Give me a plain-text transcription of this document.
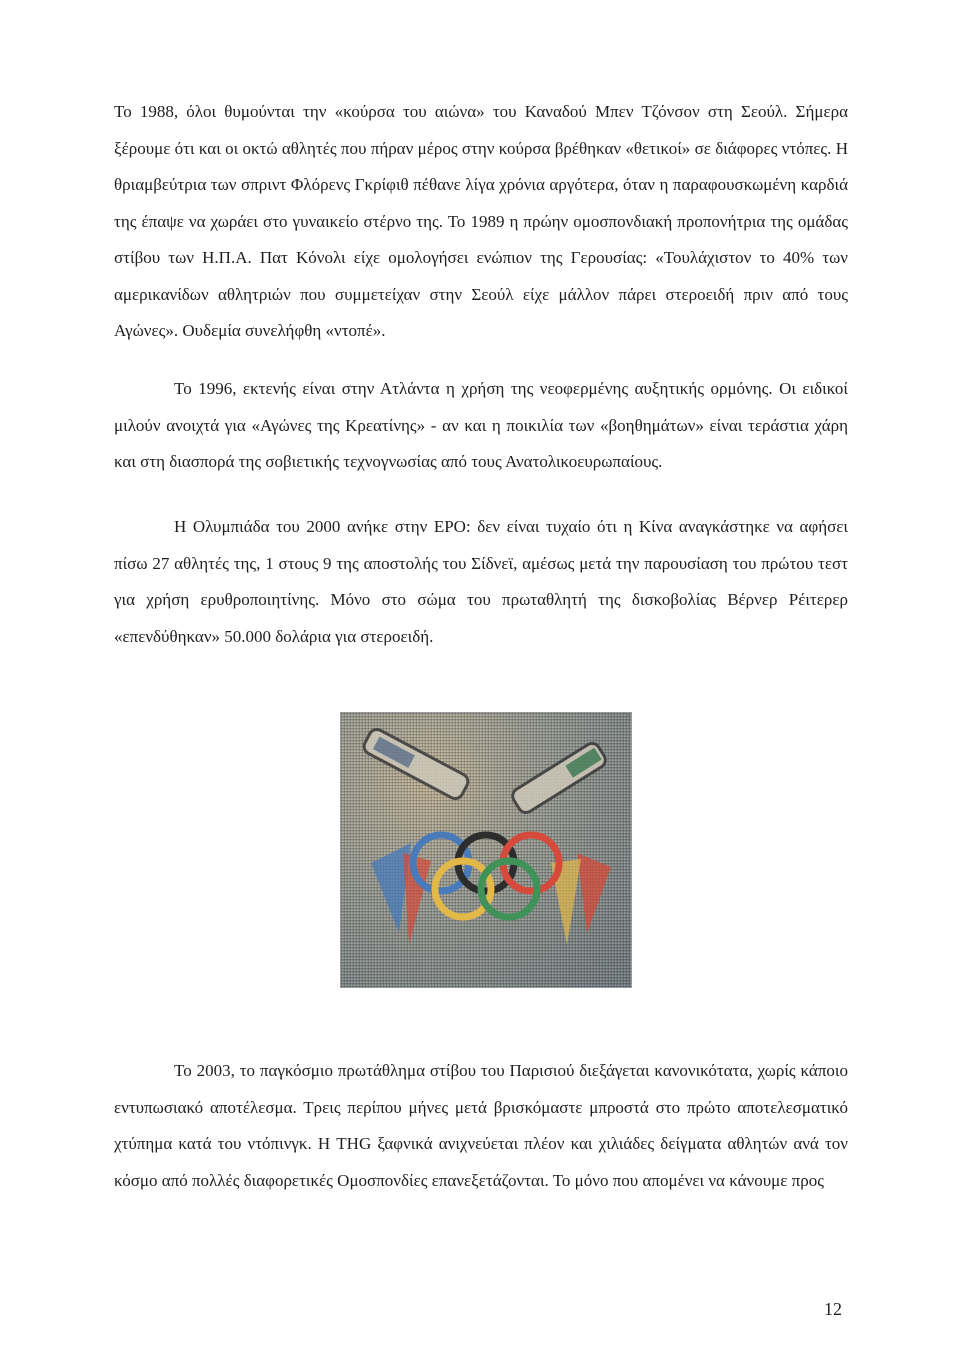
Το 1988, όλοι θυμούνται την «κούρσα του αιώνα» του Καναδού Μπεν Τζόνσον στη Σεούλ. Σήμερα ξέρουμε ότι και οι οκτώ αθλητές που πήραν μέρος στην κούρσα βρέθηκαν «θετικοί» σε διάφορες ντόπες. Η θριαμβεύτρια των σπριντ Φλόρενς Γκρίφιθ πέθανε λίγα χρόνια αργότερα, όταν η παραφουσκωμένη καρδιά της έπαψε να χωράει στο γυναικείο στέρνο της. Το 1989 η πρώην ομοσπονδιακή προπονήτρια της ομάδας στίβου των Η.Π.Α. Πατ Κόνολι είχε ομολογήσει ενώπιον της Γερουσίας: «Τουλάχιστον το 40% των αμερικανίδων αθλητριών που συμμετείχαν στην Σεούλ είχε μάλλον πάρει στεροειδή πριν από τους Αγώνες». Ουδεμία συνελήφθη «ντοπέ».

Το 1996, εκτενής είναι στην Ατλάντα η χρήση της νεοφερμένης αυξητικής ορμόνης. Οι ειδικοί μιλούν ανοιχτά για «Αγώνες της Κρεατίνης» - αν και η ποικιλία των «βοηθημάτων» είναι τεράστια χάρη και στη διασπορά της σοβιετικής τεχνογνωσίας από τους Ανατολικοευρωπαίους.

Η Ολυμπιάδα του 2000 ανήκε στην ΕΡΟ: δεν είναι τυχαίο ότι η Κίνα αναγκάστηκε να αφήσει πίσω 27 αθλητές της, 1 στους 9 της αποστολής του Σίδνεϊ, αμέσως μετά την παρουσίαση του πρώτου τεστ για χρήση ερυθροποιητίνης. Μόνο στο σώμα του πρωταθλητή της δισκοβολίας Βέρνερ Ρέιτερερ «επενδύθηκαν» 50.000 δολάρια για στεροειδή.

Το 2003, το παγκόσμιο πρωτάθλημα στίβου του Παρισιού διεξάγεται κανονικότατα, χωρίς κάποιο εντυπωσιακό αποτέλεσμα. Τρεις περίπου μήνες μετά βρισκόμαστε μπροστά στο πρώτο αποτελεσματικό χτύπημα κατά του ντόπινγκ. Η THG ξαφνικά ανιχνεύεται πλέον και χιλιάδες δείγματα αθλητών ανά τον κόσμο από πολλές διαφορετικές Ομοσπονδίες επανεξετάζονται. Το μόνο που απομένει να κάνουμε προς

12
